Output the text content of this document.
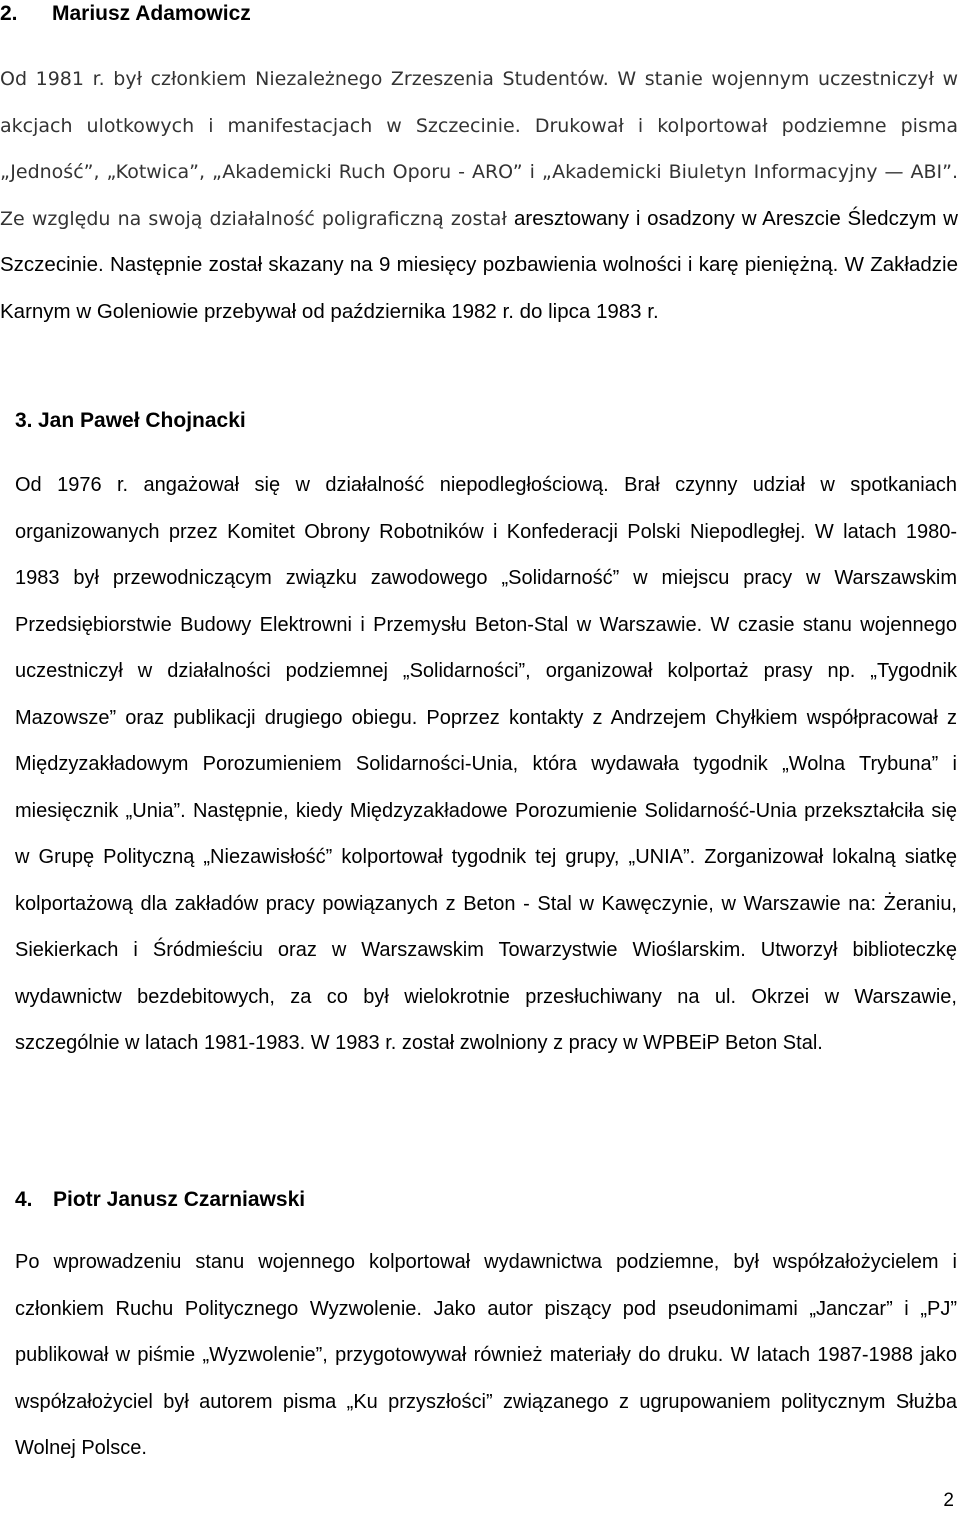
2. Mariusz Adamowicz

Od 1981 r. był członkiem Niezależnego Zrzeszenia Studentów. W stanie wojennym uczestniczył w akcjach ulotkowych i manifestacjach w Szczecinie. Drukował i kolportował podziemne pisma „Jedność”, „Kotwica”, „Akademicki Ruch Oporu - ARO” i „Akademicki Biuletyn Informacyjny — ABI”. Ze względu na swoją działalność poligraficzną został aresztowany i osadzony w Areszcie Śledczym w Szczecinie. Następnie został skazany na 9 miesięcy pozbawienia wolności i karę pieniężną. W Zakładzie Karnym w Goleniowie przebywał od października 1982 r. do lipca 1983 r.

3. Jan Paweł Chojnacki

Od 1976 r. angażował się w działalność niepodległościową. Brał czynny udział w spotkaniach organizowanych przez Komitet Obrony Robotników i Konfederacji Polski Niepodległej. W latach 1980-1983 był przewodniczącym związku zawodowego „Solidarność” w miejscu pracy w Warszawskim Przedsiębiorstwie Budowy Elektrowni i Przemysłu Beton-Stal w Warszawie. W czasie stanu wojennego uczestniczył w działalności podziemnej „Solidarności”, organizował kolportaż prasy np. „Tygodnik Mazowsze” oraz publikacji drugiego obiegu. Poprzez kontakty z Andrzejem Chyłkiem współpracował z Międzyzakładowym Porozumieniem Solidarności-Unia, która wydawała tygodnik „Wolna Trybuna” i miesięcznik „Unia”. Następnie, kiedy Międzyzakładowe Porozumienie Solidarność-Unia przekształciła się w Grupę Polityczną „Niezawisłość” kolportował tygodnik tej grupy, „UNIA”. Zorganizował lokalną siatkę kolportażową dla zakładów pracy powiązanych z Beton - Stal w Kawęczynie, w Warszawie na: Żeraniu, Siekierkach i Śródmieściu oraz w Warszawskim Towarzystwie Wioślarskim. Utworzył biblioteczkę wydawnictw bezdebitowych, za co był wielokrotnie przesłuchiwany na ul. Okrzei w Warszawie, szczególnie w latach 1981-1983. W 1983 r. został zwolniony z pracy w WPBEiP Beton Stal.

4. Piotr Janusz Czarniawski

Po wprowadzeniu stanu wojennego kolportował wydawnictwa podziemne, był współzałożycielem i członkiem Ruchu Politycznego Wyzwolenie. Jako autor piszący pod pseudonimami „Janczar” i „PJ” publikował w piśmie „Wyzwolenie”, przygotowywał również materiały do druku. W latach 1987-1988 jako współzałożyciel był autorem pisma „Ku przyszłości” związanego z ugrupowaniem politycznym Służba Wolnej Polsce.

2
